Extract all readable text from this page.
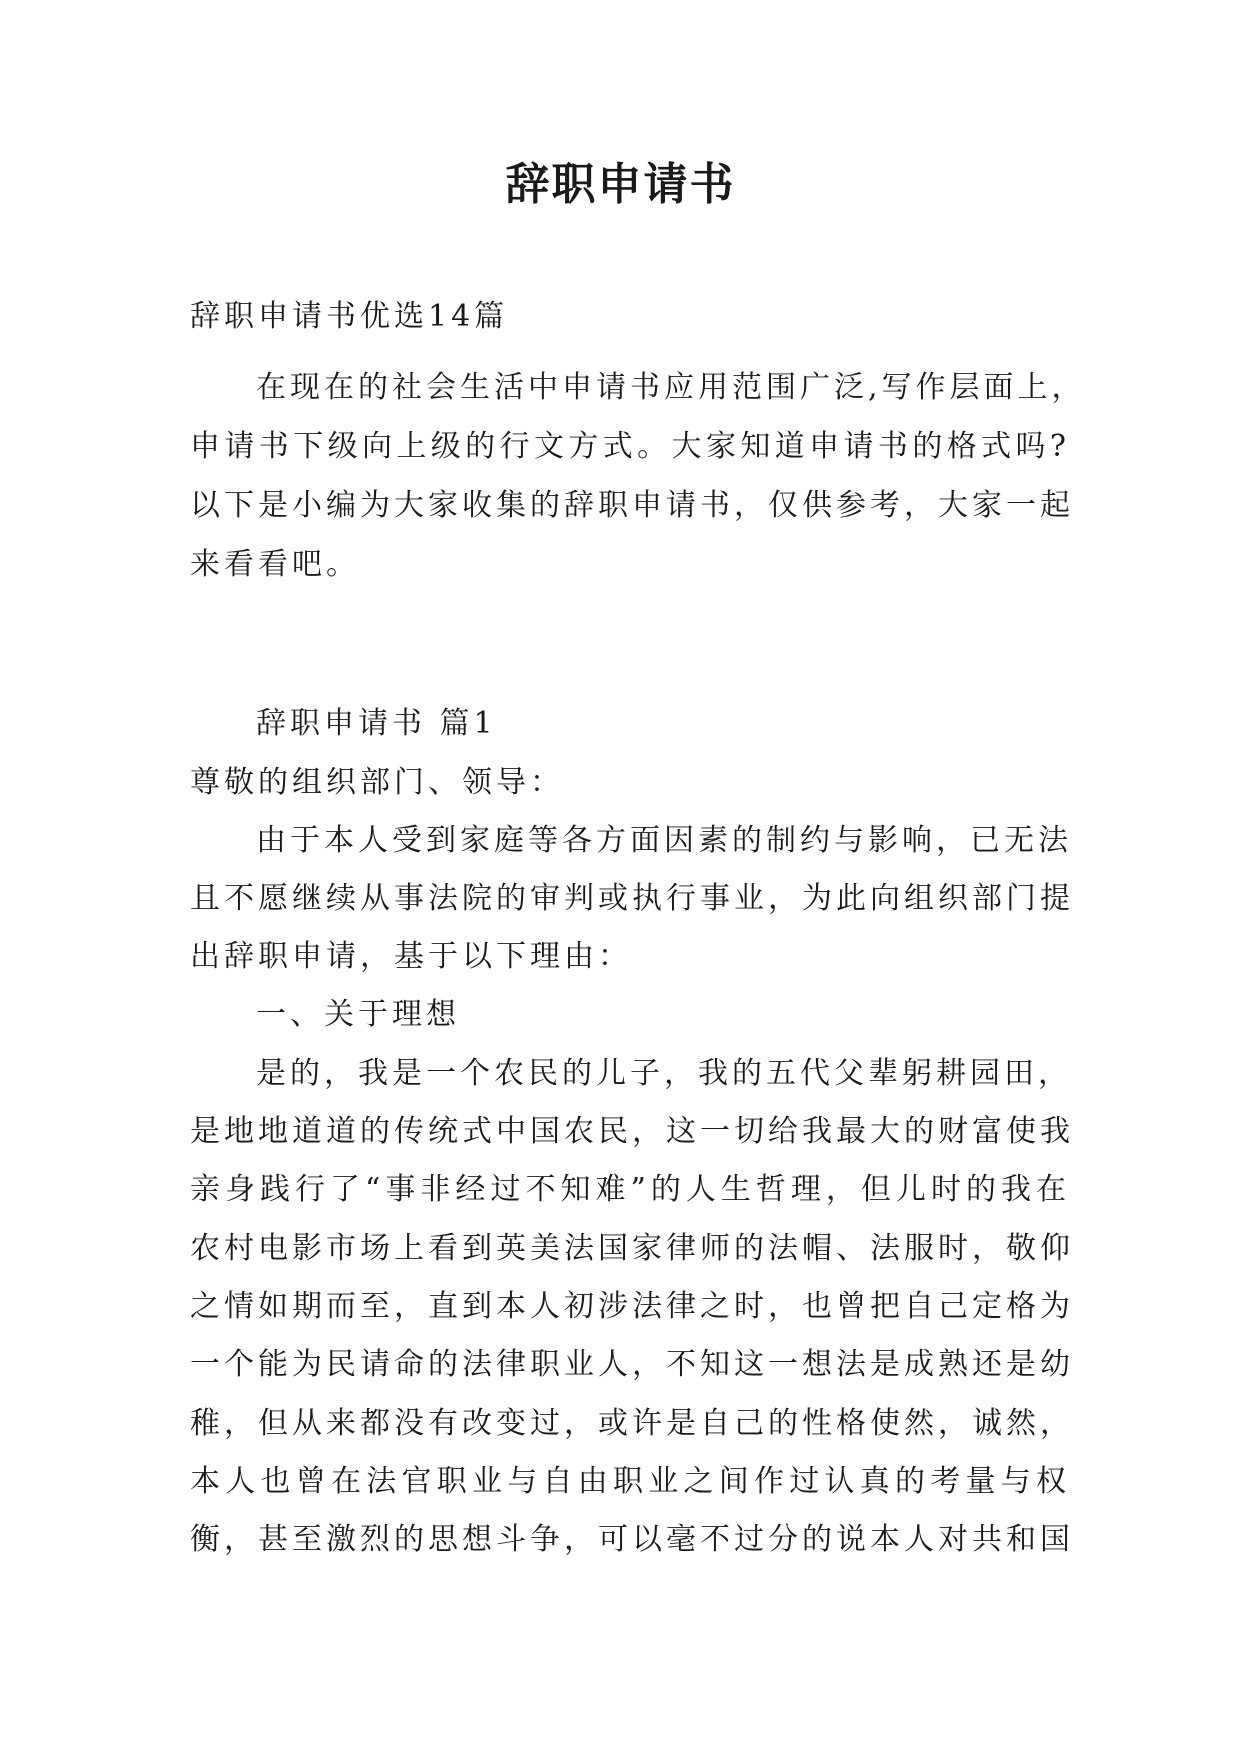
辞职申请书
辞职申请书优选14篇
在现在的社会生活中申请书应用范围广泛,写作层面上，
申请书下级向上级的行文方式。大家知道申请书的格式吗?
以下是小编为大家收集的辞职申请书，仅供参考，大家一起
来看看吧。
辞职申请书 篇1
尊敬的组织部门、领导：
由于本人受到家庭等各方面因素的制约与影响，已无法
且不愿继续从事法院的审判或执行事业，为此向组织部门提
出辞职申请，基于以下理由：
一、关于理想
是的，我是一个农民的儿子，我的五代父辈躬耕园田，
是地地道道的传统式中国农民，这一切给我最大的财富使我
亲身践行了“事非经过不知难”的人生哲理，但儿时的我在
农村电影市场上看到英美法国家律师的法帽、法服时，敬仰
之情如期而至，直到本人初涉法律之时，也曾把自己定格为
一个能为民请命的法律职业人，不知这一想法是成熟还是幼
稚，但从来都没有改变过，或许是自己的性格使然，诚然，
本人也曾在法官职业与自由职业之间作过认真的考量与权
衡，甚至激烈的思想斗争，可以毫不过分的说本人对共和国
